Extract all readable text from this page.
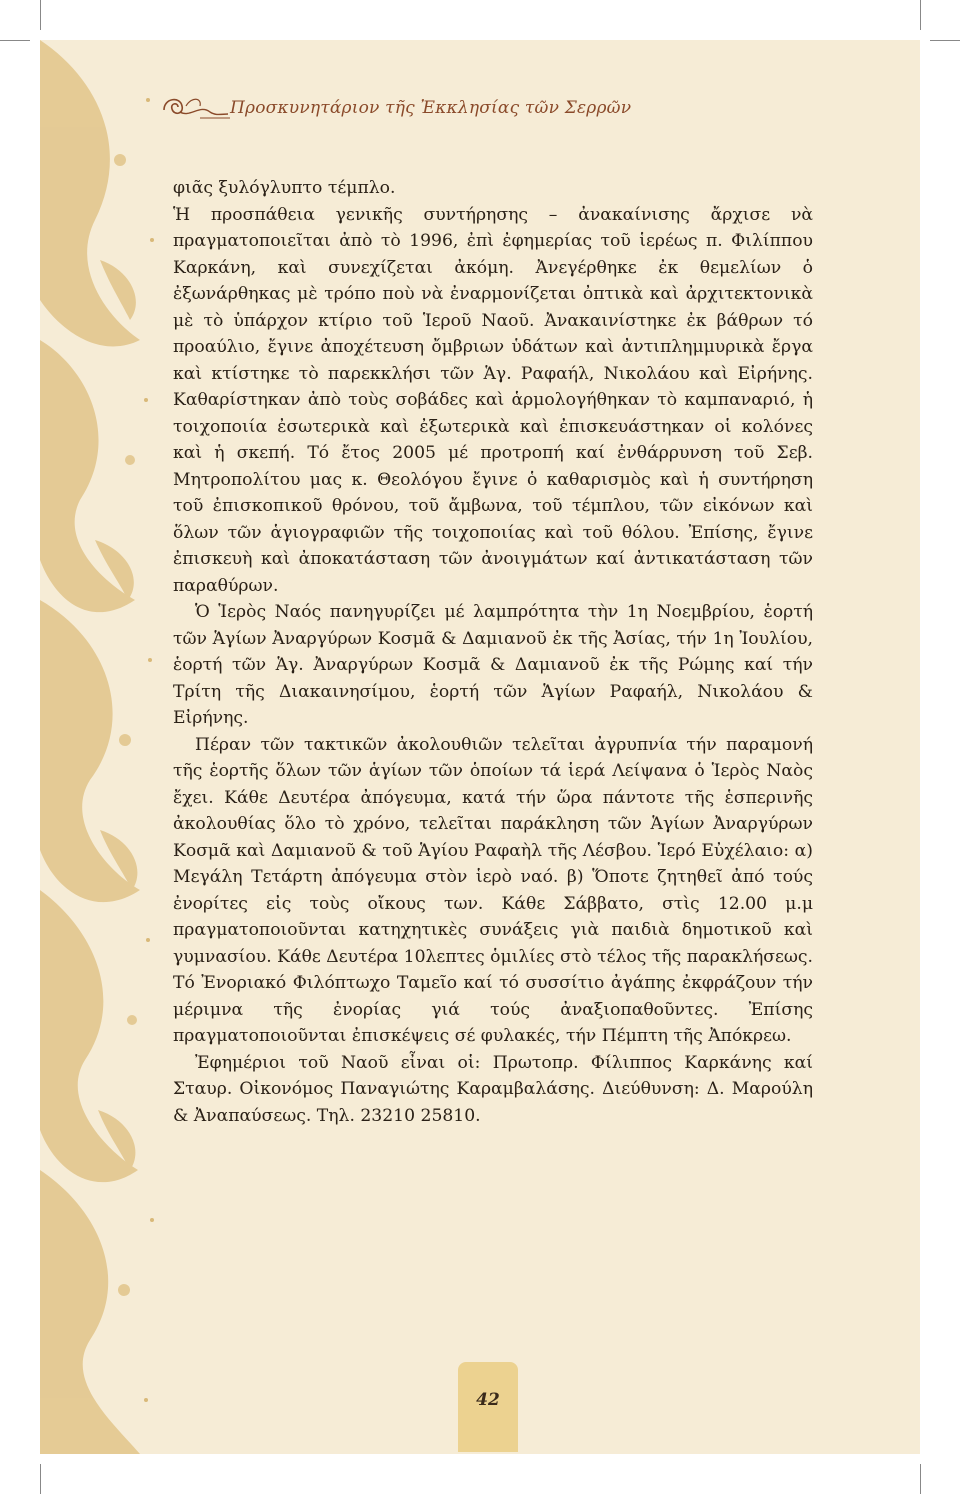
Προσκυνητάριον τῆς Ἐκκλησίας τῶν Σερρῶν

φιᾶς ξυλόγλυπτο τέμπλο.

Ἡ προσπάθεια γενικῆς συντήρησης – ἀνακαίνισης ἄρχισε νὰ πραγματοποιεῖται ἀπὸ τὸ 1996, ἐπὶ ἐφημερίας τοῦ ἱερέως π. Φιλίππου Καρκάνη, καὶ συνεχίζεται ἀκόμη. Ἀνεγέρθηκε ἐκ θεμελίων ὁ ἐξωνάρθηκας μὲ τρόπο ποὺ νὰ ἐναρμονίζεται ὀπτικὰ καὶ ἀρχιτεκτονικὰ μὲ τὸ ὑπάρχον κτίριο τοῦ Ἱεροῦ Ναοῦ. Ἀνακαινίστηκε ἐκ βάθρων τό προαύλιο, ἔγινε ἀποχέτευση ὄμβριων ὑδάτων καὶ ἀντιπλημμυρικὰ ἔργα καὶ κτίστηκε τὸ παρεκκλήσι τῶν Ἁγ. Ραφαήλ, Νικολάου καὶ Εἰρήνης. Καθαρίστηκαν ἀπὸ τοὺς σοβάδες καὶ ἁρμολογήθηκαν τὸ καμπαναριό, ἡ τοιχοποιία ἐσωτερικὰ καὶ ἐξωτερικὰ καὶ ἐπισκευάστηκαν οἱ κολόνες καὶ ἡ σκεπή. Τό ἔτος 2005 μέ προτροπή καί ἐνθάρρυνση τοῦ Σεβ. Μητροπολίτου μας κ. Θεολόγου ἔγινε ὁ καθαρισμὸς καὶ ἡ συντήρηση τοῦ ἐπισκοπικοῦ θρόνου, τοῦ ἄμβωνα, τοῦ τέμπλου, τῶν εἰκόνων καὶ ὅλων τῶν ἁγιογραφιῶν τῆς τοιχοποιίας καὶ τοῦ θόλου. Ἐπίσης, ἔγινε ἐπισκευὴ καὶ ἀποκατάσταση τῶν ἀνοιγμάτων καί ἀντικατάσταση τῶν παραθύρων.

Ὁ Ἱερὸς Ναός πανηγυρίζει μέ λαμπρότητα τὴν 1η Νοεμβρίου, ἑορτή τῶν Ἁγίων Ἀναργύρων Κοσμᾶ & Δαμιανοῦ ἐκ τῆς Ἀσίας, τήν 1η Ἰουλίου, ἑορτή τῶν Ἁγ. Ἀναργύρων Κοσμᾶ & Δαμιανοῦ ἐκ τῆς Ρώμης καί τήν Τρίτη τῆς Διακαινησίμου, ἑορτή τῶν Ἁγίων Ραφαήλ, Νικολάου & Εἰρήνης.

Πέραν τῶν τακτικῶν ἀκολουθιῶν τελεῖται ἀγρυπνία τήν παραμονή τῆς ἑορτῆς ὅλων τῶν ἁγίων τῶν ὁποίων τά ἱερά Λείψανα ὁ Ἱερὸς Ναὸς ἔχει. Κάθε Δευτέρα ἀπόγευμα, κατά τήν ὥρα πάντοτε τῆς ἑσπερινῆς ἀκολουθίας ὅλο τὸ χρόνο, τελεῖται παράκληση τῶν Ἁγίων Ἀναργύρων Κοσμᾶ καὶ Δαμιανοῦ & τοῦ Ἁγίου Ραφαὴλ τῆς Λέσβου. Ἱερό Εὐχέλαιο: α) Μεγάλη Τετάρτη ἀπόγευμα στὸν ἱερὸ ναό. β) Ὅποτε ζητηθεῖ ἀπό τούς ἐνορίτες εἰς τοὺς οἴκους των. Κάθε Σάββατο, στὶς 12.00 μ.μ πραγματοποιοῦνται κατηχητικὲς συνάξεις γιὰ παιδιὰ δημοτικοῦ καὶ γυμνασίου. Κάθε Δευτέρα 10λεπτες ὁμιλίες στὸ τέλος τῆς παρακλήσεως. Τό Ἐνοριακό Φιλόπτωχο Ταμεῖο καί τό συσσίτιο ἀγάπης ἐκφράζουν τήν μέριμνα τῆς ἐνορίας γιά τούς ἀναξιοπαθοῦντες. Ἐπίσης πραγματοποιοῦνται ἐπισκέψεις σέ φυλακές, τήν Πέμπτη τῆς Ἀπόκρεω.

Ἐφημέριοι τοῦ Ναοῦ εἶναι οἱ: Πρωτοπρ. Φίλιππος Καρκάνης καί Σταυρ. Οἰκονόμος Παναγιώτης Καραμβαλάσης. Διεύθυνση: Δ. Μαρούλη & Ἀναπαύσεως. Τηλ. 23210 25810.

42
